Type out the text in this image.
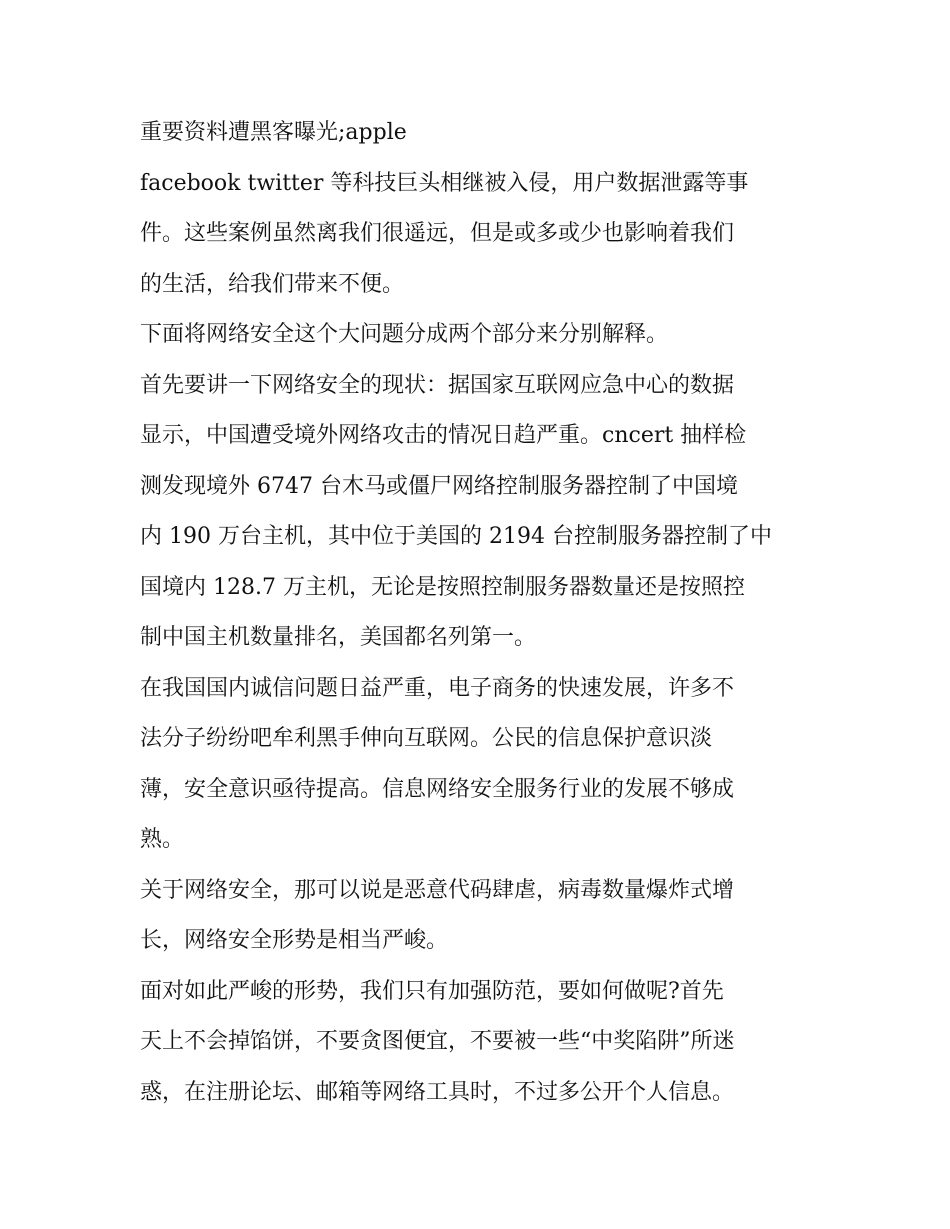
重要资料遭黑客曝光;apple

facebook twitter 等科技巨头相继被入侵，用户数据泄露等事
件。这些案例虽然离我们很遥远，但是或多或少也影响着我们
的生活，给我们带来不便。

下面将网络安全这个大问题分成两个部分来分别解释。

首先要讲一下网络安全的现状：据国家互联网应急中心的数据
显示，中国遭受境外网络攻击的情况日趋严重。cncert 抽样检
测发现境外 6747 台木马或僵尸网络控制服务器控制了中国境
内 190 万台主机，其中位于美国的 2194 台控制服务器控制了中
国境内 128.7 万主机，无论是按照控制服务器数量还是按照控
制中国主机数量排名，美国都名列第一。

在我国国内诚信问题日益严重，电子商务的快速发展，许多不
法分子纷纷吧牟利黑手伸向互联网。公民的信息保护意识淡
薄，安全意识亟待提高。信息网络安全服务行业的发展不够成
熟。

关于网络安全，那可以说是恶意代码肆虐，病毒数量爆炸式增
长，网络安全形势是相当严峻。

面对如此严峻的形势，我们只有加强防范，要如何做呢?首先
天上不会掉馅饼，不要贪图便宜，不要被一些“中奖陷阱”所迷
惑，在注册论坛、邮箱等网络工具时，不过多公开个人信息。
